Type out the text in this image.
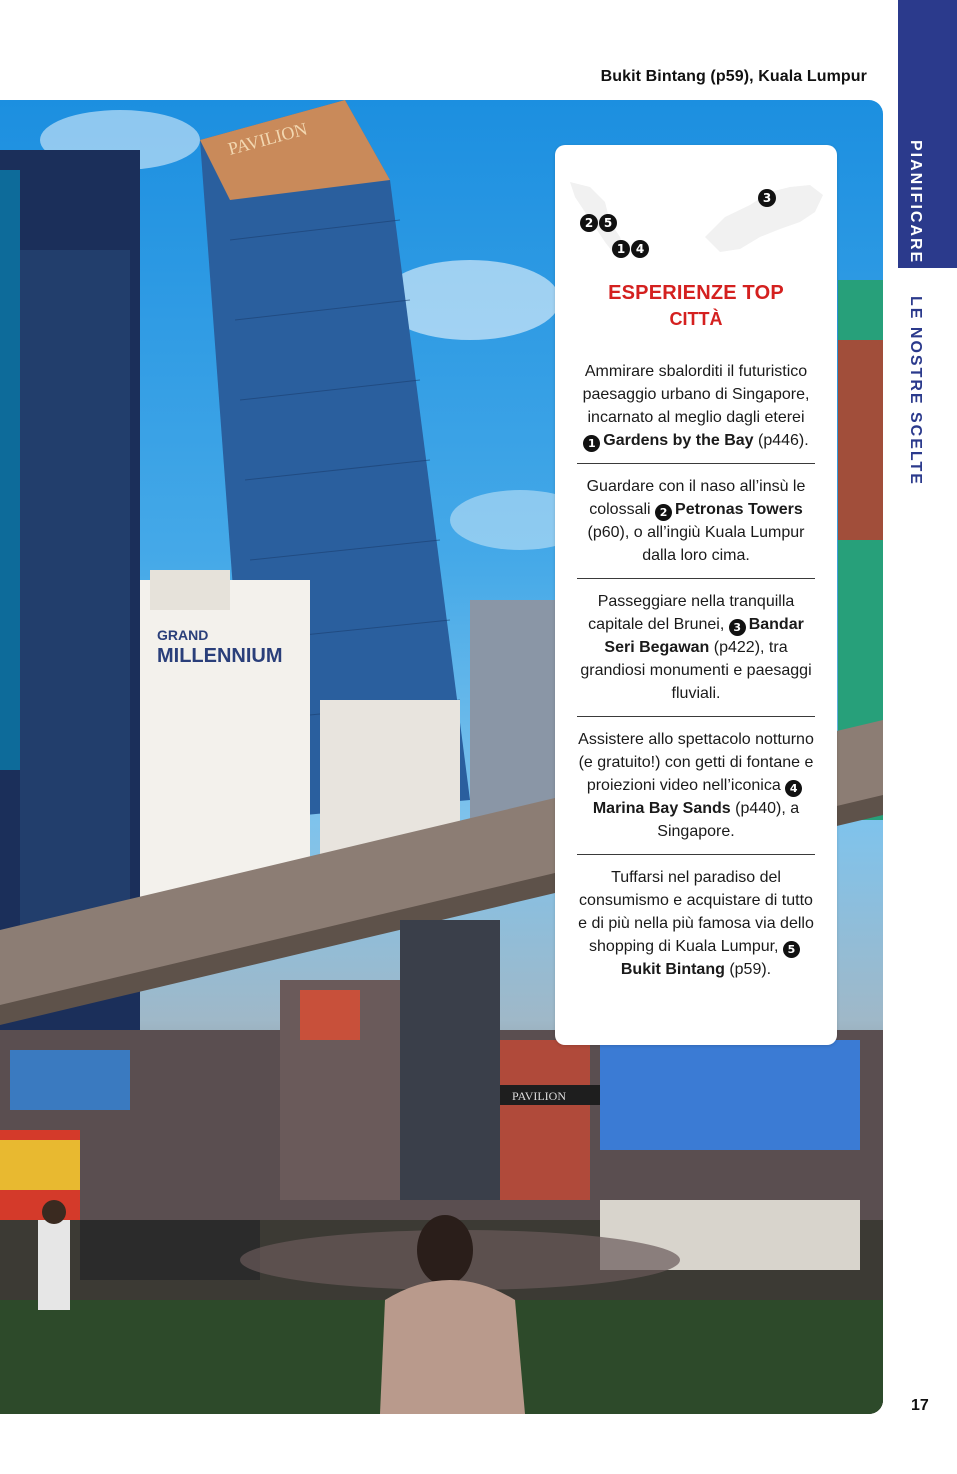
Bukit Bintang (p59), Kuala Lumpur
PIANIFICARE
LE NOSTRE SCELTE
PAVILION
GRAND
MILLENNIUM
PAVILION
2 5
1 4
3
ESPERIENZE TOP
CITTÀ
Ammirare sbalorditi il futuristico paesaggio urbano di Singapore, incarnato al meglio dagli eterei 1 Gardens by the Bay (p446).
Guardare con il naso all’insù le colossali 2 Petronas Towers (p60), o all’ingiù Kuala Lumpur dalla loro cima.
Passeggiare nella tranquilla capitale del Brunei, 3 Bandar Seri Begawan (p422), tra grandiosi monumenti e paesaggi fluviali.
Assistere allo spettacolo notturno (e gratuito!) con getti di fontane e proiezioni video nell’iconica 4Marina Bay Sands (p440), a Singapore.
Tuffarsi nel paradiso del consumismo e acquistare di tutto e di più nella più famosa via dello shopping di Kuala Lumpur, 5Bukit Bintang (p59).
17
